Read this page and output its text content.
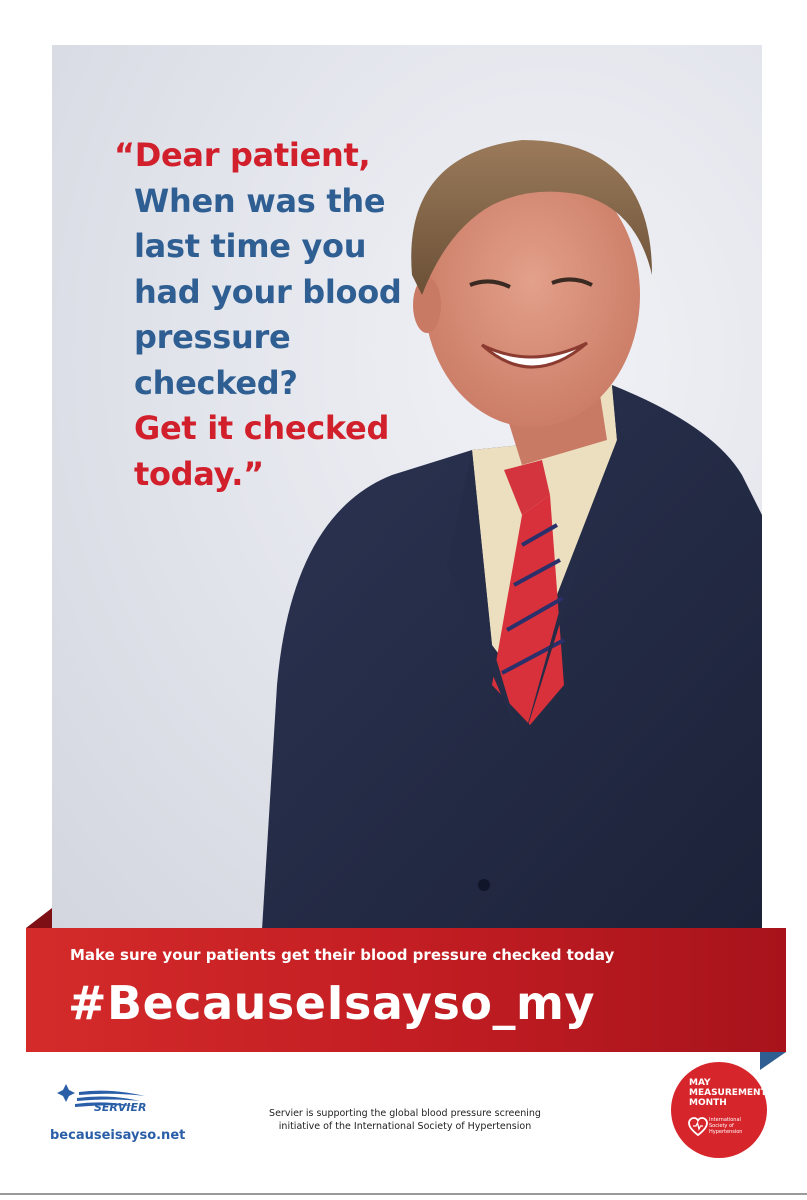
“Dear patient,
When was the
last time you
had your blood
pressure
checked?
Get it checked
today.”
Make sure your patients get their blood pressure checked today
#BecauseIsayso_my
SERVIER
becauseisayso.net
Servier is supporting the global blood pressure screening
initiative of the International Society of Hypertension
MAY
MEASUREMENT
MONTH
International
Society of
Hypertension
